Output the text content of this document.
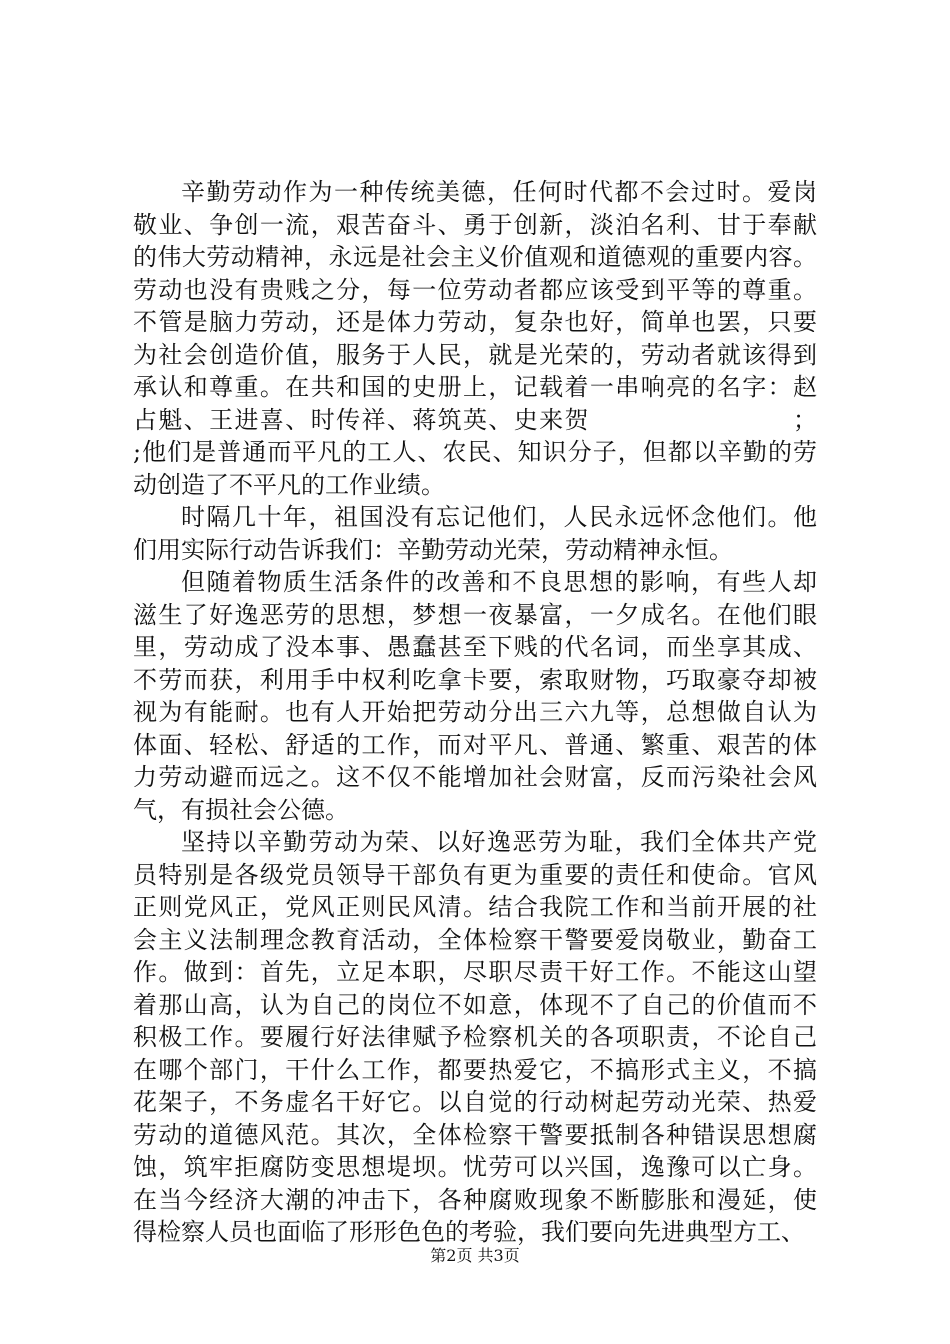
辛勤劳动作为一种传统美德，任何时代都不会过时。爱岗
敬业、争创一流，艰苦奋斗、勇于创新，淡泊名利、甘于奉献
的伟大劳动精神，永远是社会主义价值观和道德观的重要内容。
劳动也没有贵贱之分，每一位劳动者都应该受到平等的尊重。
不管是脑力劳动，还是体力劳动，复杂也好，简单也罢，只要
为社会创造价值，服务于人民，就是光荣的，劳动者就该得到
承认和尊重。在共和国的史册上，记载着一串响亮的名字：赵
占魁、王进喜、时传祥、蒋筑英、史来贺　　　　　　　　；
;他们是普通而平凡的工人、农民、知识分子，但都以辛勤的劳
动创造了不平凡的工作业绩。
时隔几十年，祖国没有忘记他们，人民永远怀念他们。他
们用实际行动告诉我们：辛勤劳动光荣，劳动精神永恒。
但随着物质生活条件的改善和不良思想的影响，有些人却
滋生了好逸恶劳的思想，梦想一夜暴富，一夕成名。在他们眼
里，劳动成了没本事、愚蠢甚至下贱的代名词，而坐享其成、
不劳而获，利用手中权利吃拿卡要，索取财物，巧取豪夺却被
视为有能耐。也有人开始把劳动分出三六九等，总想做自认为
体面、轻松、舒适的工作，而对平凡、普通、繁重、艰苦的体
力劳动避而远之。这不仅不能增加社会财富，反而污染社会风
气，有损社会公德。
坚持以辛勤劳动为荣、以好逸恶劳为耻，我们全体共产党
员特别是各级党员领导干部负有更为重要的责任和使命。官风
正则党风正，党风正则民风清。结合我院工作和当前开展的社
会主义法制理念教育活动，全体检察干警要爱岗敬业，勤奋工
作。做到：首先，立足本职，尽职尽责干好工作。不能这山望
着那山高，认为自己的岗位不如意，体现不了自己的价值而不
积极工作。要履行好法律赋予检察机关的各项职责，不论自己
在哪个部门，干什么工作，都要热爱它，不搞形式主义，不搞
花架子，不务虚名干好它。以自觉的行动树起劳动光荣、热爱
劳动的道德风范。其次，全体检察干警要抵制各种错误思想腐
蚀，筑牢拒腐防变思想堤坝。忧劳可以兴国，逸豫可以亡身。
在当今经济大潮的冲击下，各种腐败现象不断膨胀和漫延，使
得检察人员也面临了形形色色的考验，我们要向先进典型方工、
第2页 共3页
